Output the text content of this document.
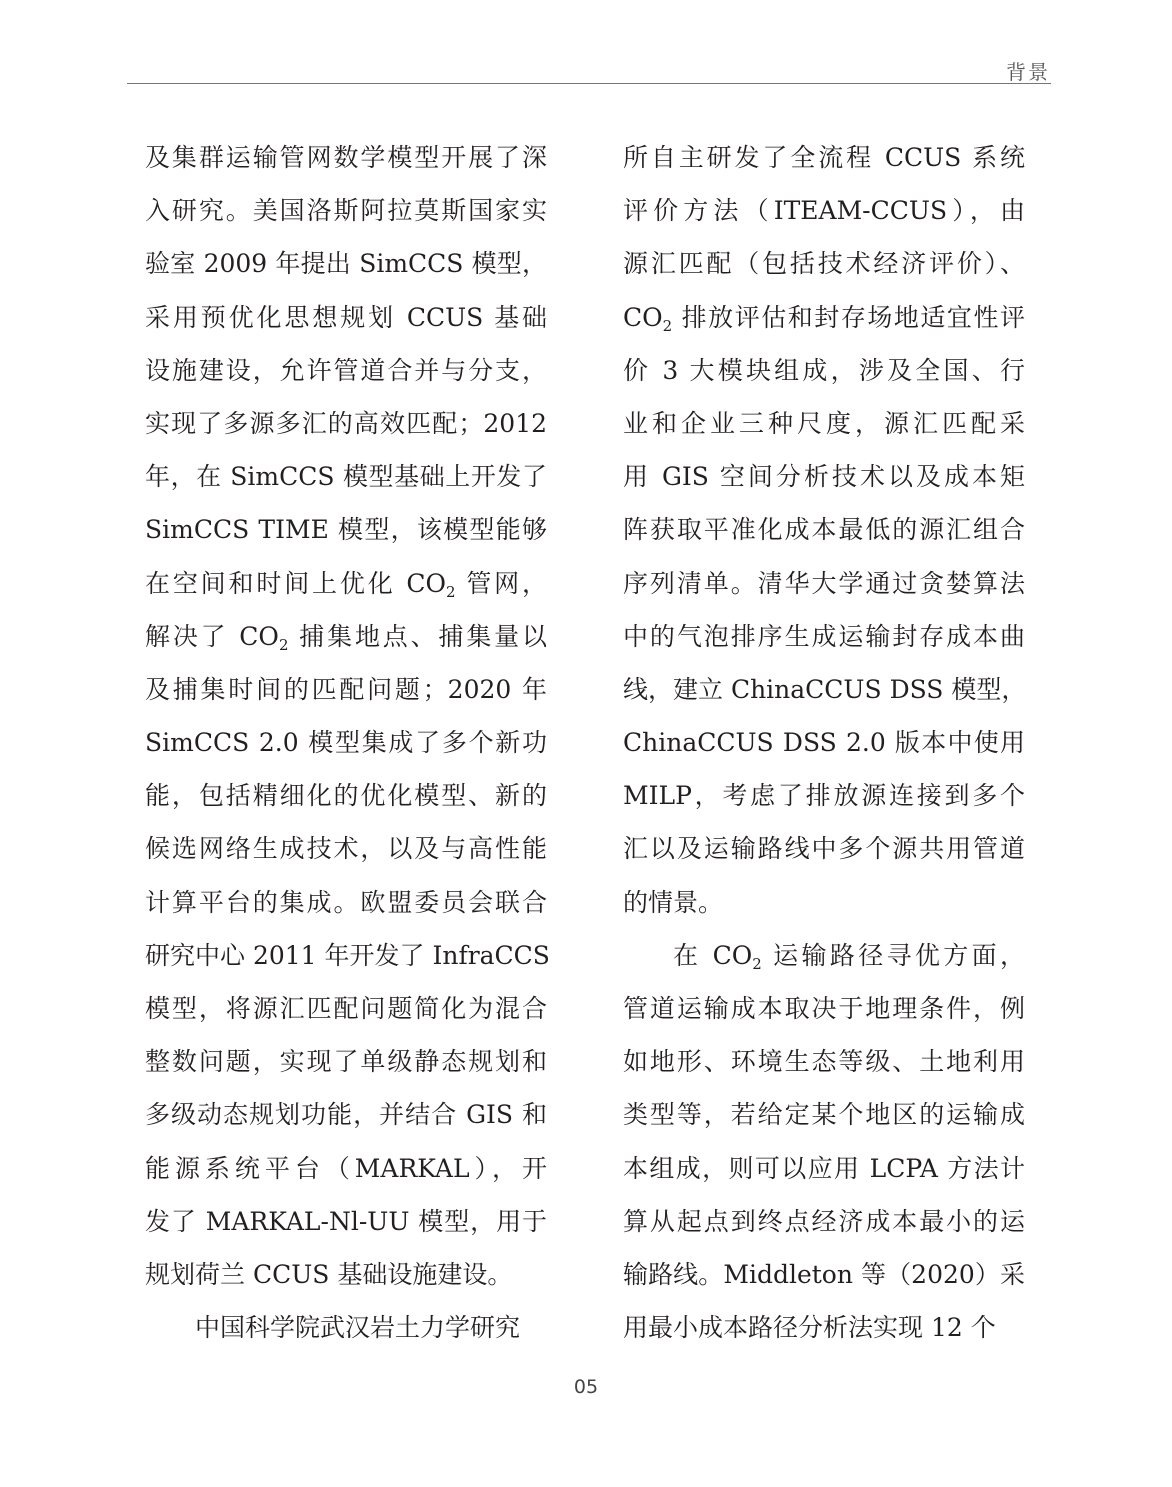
背景
及集群运输管网数学模型开展了深
入研究。美国洛斯阿拉莫斯国家实
验室 2009 年提出 SimCCS 模型，
采用预优化思想规划 CCUS 基础
设施建设，允许管道合并与分支，
实现了多源多汇的高效匹配；2012
年，在 SimCCS 模型基础上开发了
SimCCS TIME 模型，该模型能够
在空间和时间上优化 $CO_2$ 管网，
解决了 $CO_2$ 捕集地点、捕集量以
及捕集时间的匹配问题；2020 年
SimCCS 2.0 模型集成了多个新功
能，包括精细化的优化模型、新的
候选网络生成技术，以及与高性能
计算平台的集成。欧盟委员会联合
研究中心 2011 年开发了 InfraCCS
模型，将源汇匹配问题简化为混合
整数问题，实现了单级静态规划和
多级动态规划功能，并结合 GIS 和
能源系统平台（MARKAL），开
发了 MARKAL-Nl-UU 模型，用于
规划荷兰 CCUS 基础设施建设。
中国科学院武汉岩土力学研究
所自主研发了全流程 CCUS 系统
评价方法（ITEAM-CCUS），由
源汇匹配（包括技术经济评价）、
$CO_2$ 排放评估和封存场地适宜性评
价 3 大模块组成，涉及全国、行
业和企业三种尺度，源汇匹配采
用 GIS 空间分析技术以及成本矩
阵获取平准化成本最低的源汇组合
序列清单。清华大学通过贪婪算法
中的气泡排序生成运输封存成本曲
线，建立 ChinaCCUS DSS 模型，
ChinaCCUS DSS 2.0 版本中使用
MILP，考虑了排放源连接到多个
汇以及运输路线中多个源共用管道
的情景。
在 $CO_2$ 运输路径寻优方面，
管道运输成本取决于地理条件，例
如地形、环境生态等级、土地利用
类型等，若给定某个地区的运输成
本组成，则可以应用 LCPA 方法计
算从起点到终点经济成本最小的运
输路线。Middleton 等（2020）采
用最小成本路径分析法实现 12 个
05
